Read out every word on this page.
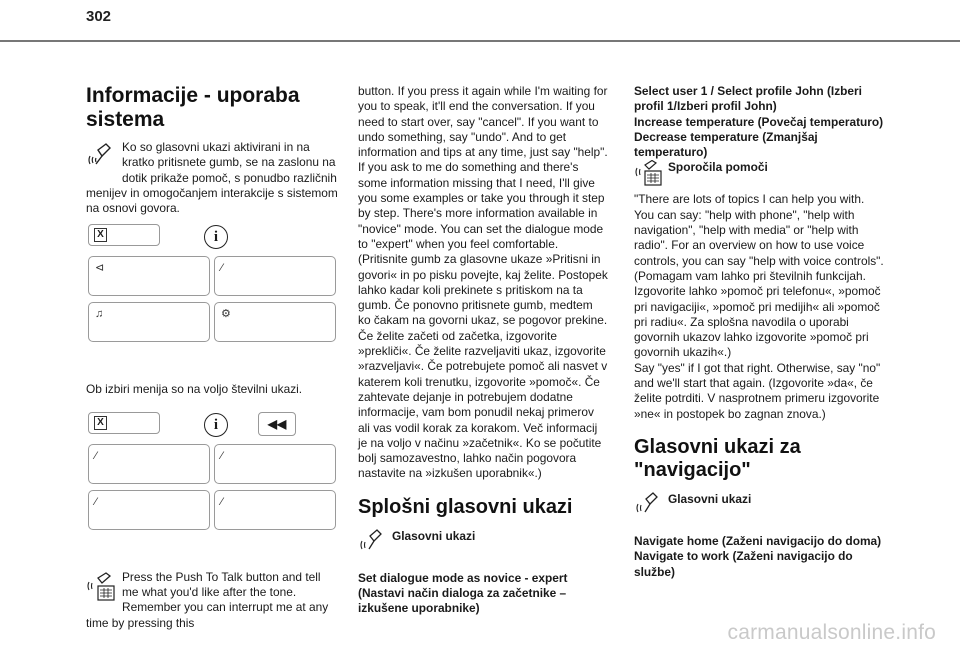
302
Informacije - uporaba sistema

Ko so glasovni ukazi aktivirani in na kratko pritisnete gumb, se na zaslonu na dotik prikaže pomoč, s ponudbo različnih menijev in omogočanjem interakcije s sistemom na osnovi govora.

X	i
⊲	⁄
♫	⚙

Ob izbiri menija so na voljo številni ukazi.

X	i	◀◀
⁄	⁄
⁄	⁄

Press the Push To Talk button and tell me what you'd like after the tone. Remember you can interrupt me at any time by pressing this

button. If you press it again while I'm waiting for you to speak, it'll end the conversation. If you need to start over, say "cancel". If you want to undo something, say "undo". And to get information and tips at any time, just say "help". If you ask to me do something and there's some information missing that I need, I'll give you some examples or take you through it step by step. There's more information available in "novice" mode. You can set the dialogue mode to "expert" when you feel comfortable. (Pritisnite gumb za glasovne ukaze »Pritisni in govori« in po pisku povejte, kaj želite. Postopek lahko kadar koli prekinete s pritiskom na ta gumb. Če ponovno pritisnete gumb, medtem ko čakam na govorni ukaz, se pogovor prekine. Če želite začeti od začetka, izgovorite »prekliči«. Če želite razveljaviti ukaz, izgovorite »razveljavi«. Če potrebujete pomoč ali nasvet v katerem koli trenutku, izgovorite »pomoč«. Če zahtevate dejanje in potrebujem dodatne informacije, vam bom ponudil nekaj primerov ali vas vodil korak za korakom. Več informacij je na voljo v načinu »začetnik«. Ko se počutite bolj samozavestno, lahko način pogovora nastavite na »izkušen uporabnik«.)

Splošni glasovni ukazi
Glasovni ukazi

Set dialogue mode as novice - expert (Nastavi način dialoga za začetnike – izkušene uporabnike)

Select user 1 / Select profile John (Izberi profil 1/Izberi profil John)
Increase temperature (Povečaj temperaturo)
Decrease temperature (Zmanjšaj temperaturo)

Sporočila pomoči

"There are lots of topics I can help you with. You can say: "help with phone", "help with navigation", "help with media" or "help with radio". For an overview on how to use voice controls, you can say "help with voice controls". (Pomagam vam lahko pri številnih funkcijah. Izgovorite lahko »pomoč pri telefonu«, »pomoč pri navigaciji«, »pomoč pri medijih« ali »pomoč pri radiu«. Za splošna navodila o uporabi govornih ukazov lahko izgovorite »pomoč pri govornih ukazih«.)
Say "yes" if I got that right. Otherwise, say "no" and we'll start that again. (Izgovorite »da«, če želite potrditi. V nasprotnem primeru izgovorite »ne« in postopek bo zagnan znova.)

Glasovni ukazi za "navigacijo"
Glasovni ukazi

Navigate home (Zaženi navigacijo do doma)
Navigate to work (Zaženi navigacijo do službe)

carmanualsonline.info
